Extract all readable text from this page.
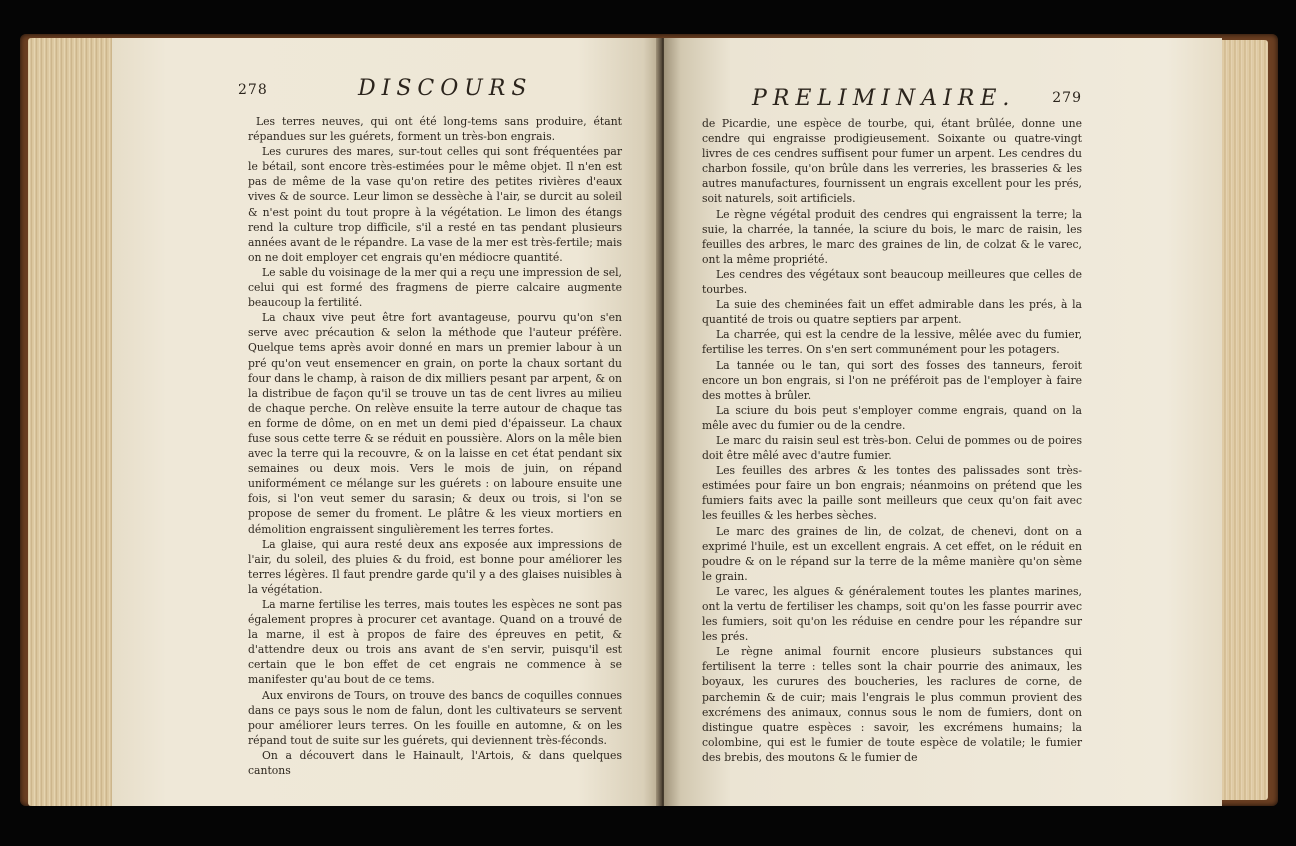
278	DISCOURS

Les terres neuves, qui ont été long-tems sans produire, étant répandues sur les guérets, forment un très-bon engrais.

Les curures des mares, sur-tout celles qui sont fréquentées par le bétail, sont encore très-estimées pour le même objet. Il n'en est pas de même de la vase qu'on retire des petites rivières d'eaux vives & de source. Leur limon se dessèche à l'air, se durcit au soleil & n'est point du tout propre à la végétation. Le limon des étangs rend la culture trop difficile, s'il a resté en tas pendant plusieurs années avant de le répandre. La vase de la mer est très-fertile; mais on ne doit employer cet engrais qu'en médiocre quantité.

Le sable du voisinage de la mer qui a reçu une impression de sel, celui qui est formé des fragmens de pierre calcaire augmente beaucoup la fertilité.

La chaux vive peut être fort avantageuse, pourvu qu'on s'en serve avec précaution & selon la méthode que l'auteur préfère. Quelque tems après avoir donné en mars un premier labour à un pré qu'on veut ensemencer en grain, on porte la chaux sortant du four dans le champ, à raison de dix milliers pesant par arpent, & on la distribue de façon qu'il se trouve un tas de cent livres au milieu de chaque perche. On relève ensuite la terre autour de chaque tas en forme de dôme, on en met un demi pied d'épaisseur. La chaux fuse sous cette terre & se réduit en poussière. Alors on la mêle bien avec la terre qui la recouvre, & on la laisse en cet état pendant six semaines ou deux mois. Vers le mois de juin, on répand uniformément ce mélange sur les guérets : on laboure ensuite une fois, si l'on veut semer du sarasin; & deux ou trois, si l'on se propose de semer du froment. Le plâtre & les vieux mortiers en démolition engraissent singulièrement les terres fortes.

La glaise, qui aura resté deux ans exposée aux impressions de l'air, du soleil, des pluies & du froid, est bonne pour améliorer les terres légères. Il faut prendre garde qu'il y a des glaises nuisibles à la végétation.

La marne fertilise les terres, mais toutes les espèces ne sont pas également propres à procurer cet avantage. Quand on a trouvé de la marne, il est à propos de faire des épreuves en petit, & d'attendre deux ou trois ans avant de s'en servir, puisqu'il est certain que le bon effet de cet engrais ne commence à se manifester qu'au bout de ce tems.

Aux environs de Tours, on trouve des bancs de coquilles connues dans ce pays sous le nom de falun, dont les cultivateurs se servent pour améliorer leurs terres. On les fouille en automne, & on les répand tout de suite sur les guérets, qui deviennent très-féconds.

On a découvert dans le Hainault, l'Artois, & dans quelques cantons

PRELIMINAIRE.	279

de Picardie, une espèce de tourbe, qui, étant brûlée, donne une cendre qui engraisse prodigieusement. Soixante ou quatre-vingt livres de ces cendres suffisent pour fumer un arpent. Les cendres du charbon fossile, qu'on brûle dans les verreries, les brasseries & les autres manufactures, fournissent un engrais excellent pour les prés, soit naturels, soit artificiels.

Le règne végétal produit des cendres qui engraissent la terre; la suie, la charrée, la tannée, la sciure du bois, le marc de raisin, les feuilles des arbres, le marc des graines de lin, de colzat & le varec, ont la même propriété.

Les cendres des végétaux sont beaucoup meilleures que celles de tourbes.

La suie des cheminées fait un effet admirable dans les prés, à la quantité de trois ou quatre septiers par arpent.

La charrée, qui est la cendre de la lessive, mêlée avec du fumier, fertilise les terres. On s'en sert communément pour les potagers.

La tannée ou le tan, qui sort des fosses des tanneurs, feroit encore un bon engrais, si l'on ne préféroit pas de l'employer à faire des mottes à brûler.

La sciure du bois peut s'employer comme engrais, quand on la mêle avec du fumier ou de la cendre.

Le marc du raisin seul est très-bon. Celui de pommes ou de poires doit être mêlé avec d'autre fumier.

Les feuilles des arbres & les tontes des palissades sont très-estimées pour faire un bon engrais; néanmoins on prétend que les fumiers faits avec la paille sont meilleurs que ceux qu'on fait avec les feuilles & les herbes sèches.

Le marc des graines de lin, de colzat, de chenevi, dont on a exprimé l'huile, est un excellent engrais. A cet effet, on le réduit en poudre & on le répand sur la terre de la même manière qu'on sème le grain.

Le varec, les algues & généralement toutes les plantes marines, ont la vertu de fertiliser les champs, soit qu'on les fasse pourrir avec les fumiers, soit qu'on les réduise en cendre pour les répandre sur les prés.

Le règne animal fournit encore plusieurs substances qui fertilisent la terre : telles sont la chair pourrie des animaux, les boyaux, les curures des boucheries, les raclures de corne, de parchemin & de cuir; mais l'engrais le plus commun provient des excrémens des animaux, connus sous le nom de fumiers, dont on distingue quatre espèces : savoir, les excrémens humains; la colombine, qui est le fumier de toute espèce de volatile; le fumier des brebis, des moutons & le fumier de
